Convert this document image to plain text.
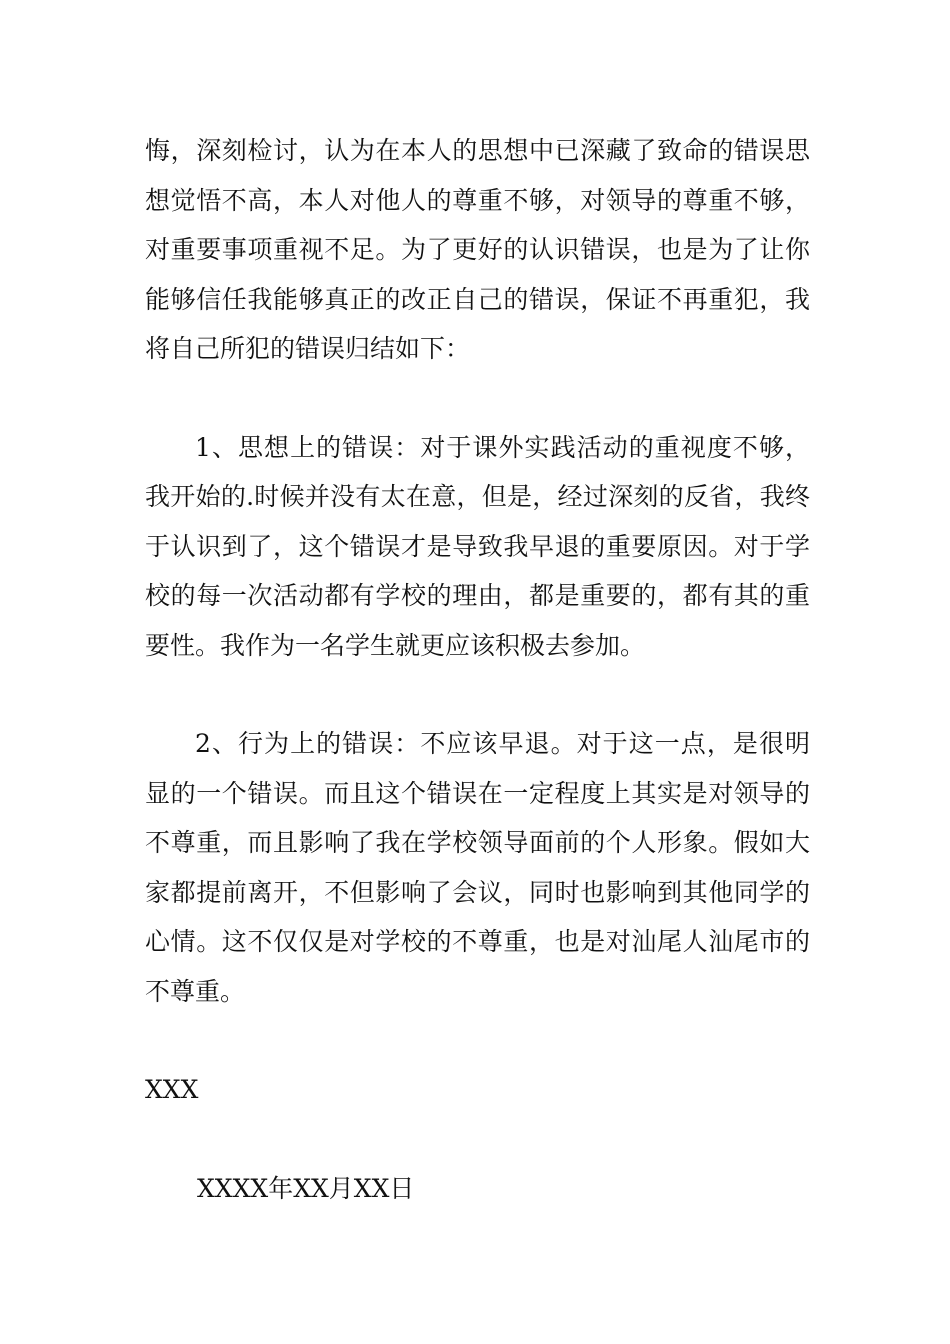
悔，深刻检讨，认为在本人的思想中已深藏了致命的错误思想觉悟不高，本人对他人的尊重不够，对领导的尊重不够，对重要事项重视不足。为了更好的认识错误，也是为了让你能够信任我能够真正的改正自己的错误，保证不再重犯，我将自己所犯的错误归结如下：

1、思想上的错误：对于课外实践活动的重视度不够，我开始的.时候并没有太在意，但是，经过深刻的反省，我终于认识到了，这个错误才是导致我早退的重要原因。对于学校的每一次活动都有学校的理由，都是重要的，都有其的重要性。我作为一名学生就更应该积极去参加。

2、行为上的错误：不应该早退。对于这一点，是很明显的一个错误。而且这个错误在一定程度上其实是对领导的不尊重，而且影响了我在学校领导面前的个人形象。假如大家都提前离开，不但影响了会议，同时也影响到其他同学的心情。这不仅仅是对学校的不尊重，也是对汕尾人汕尾市的不尊重。

XXX

XXXX年XX月XX日
